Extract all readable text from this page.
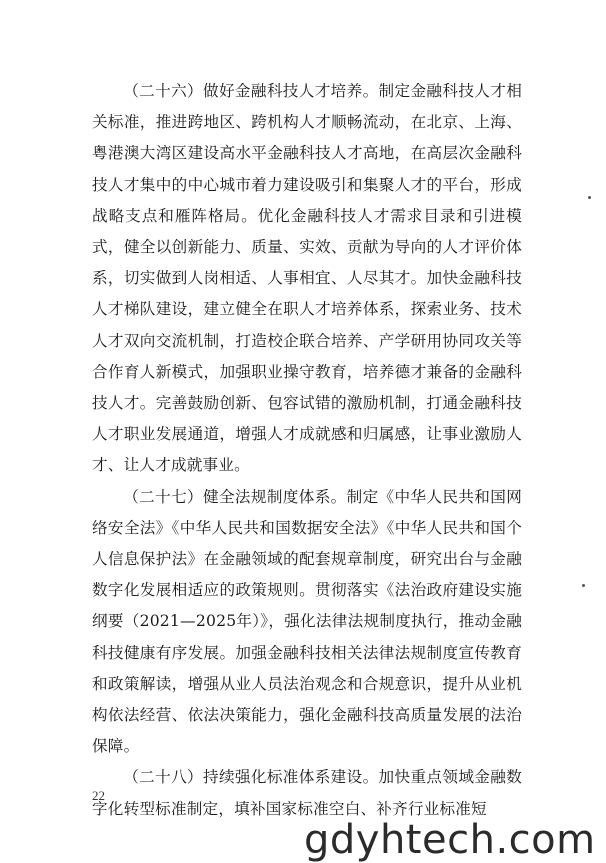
（二十六）做好金融科技人才培养。制定金融科技人才相关标准，推进跨地区、跨机构人才顺畅流动，在北京、上海、粤港澳大湾区建设高水平金融科技人才高地，在高层次金融科技人才集中的中心城市着力建设吸引和集聚人才的平台，形成战略支点和雁阵格局。优化金融科技人才需求目录和引进模式，健全以创新能力、质量、实效、贡献为导向的人才评价体系，切实做到人岗相适、人事相宜、人尽其才。加快金融科技人才梯队建设，建立健全在职人才培养体系，探索业务、技术人才双向交流机制，打造校企联合培养、产学研用协同攻关等合作育人新模式，加强职业操守教育，培养德才兼备的金融科技人才。完善鼓励创新、包容试错的激励机制，打通金融科技人才职业发展通道，增强人才成就感和归属感，让事业激励人才、让人才成就事业。

（二十七）健全法规制度体系。制定《中华人民共和国网络安全法》《中华人民共和国数据安全法》《中华人民共和国个人信息保护法》在金融领域的配套规章制度，研究出台与金融数字化发展相适应的政策规则。贯彻落实《法治政府建设实施纲要（2021—2025年）》，强化法律法规制度执行，推动金融科技健康有序发展。加强金融科技相关法律法规制度宣传教育和政策解读，增强从业人员法治观念和合规意识，提升从业机构依法经营、依法决策能力，强化金融科技高质量发展的法治保障。

（二十八）持续强化标准体系建设。加快重点领域金融数字化转型标准制定，填补国家标准空白、补齐行业标准短

22
gdyhtech.com
